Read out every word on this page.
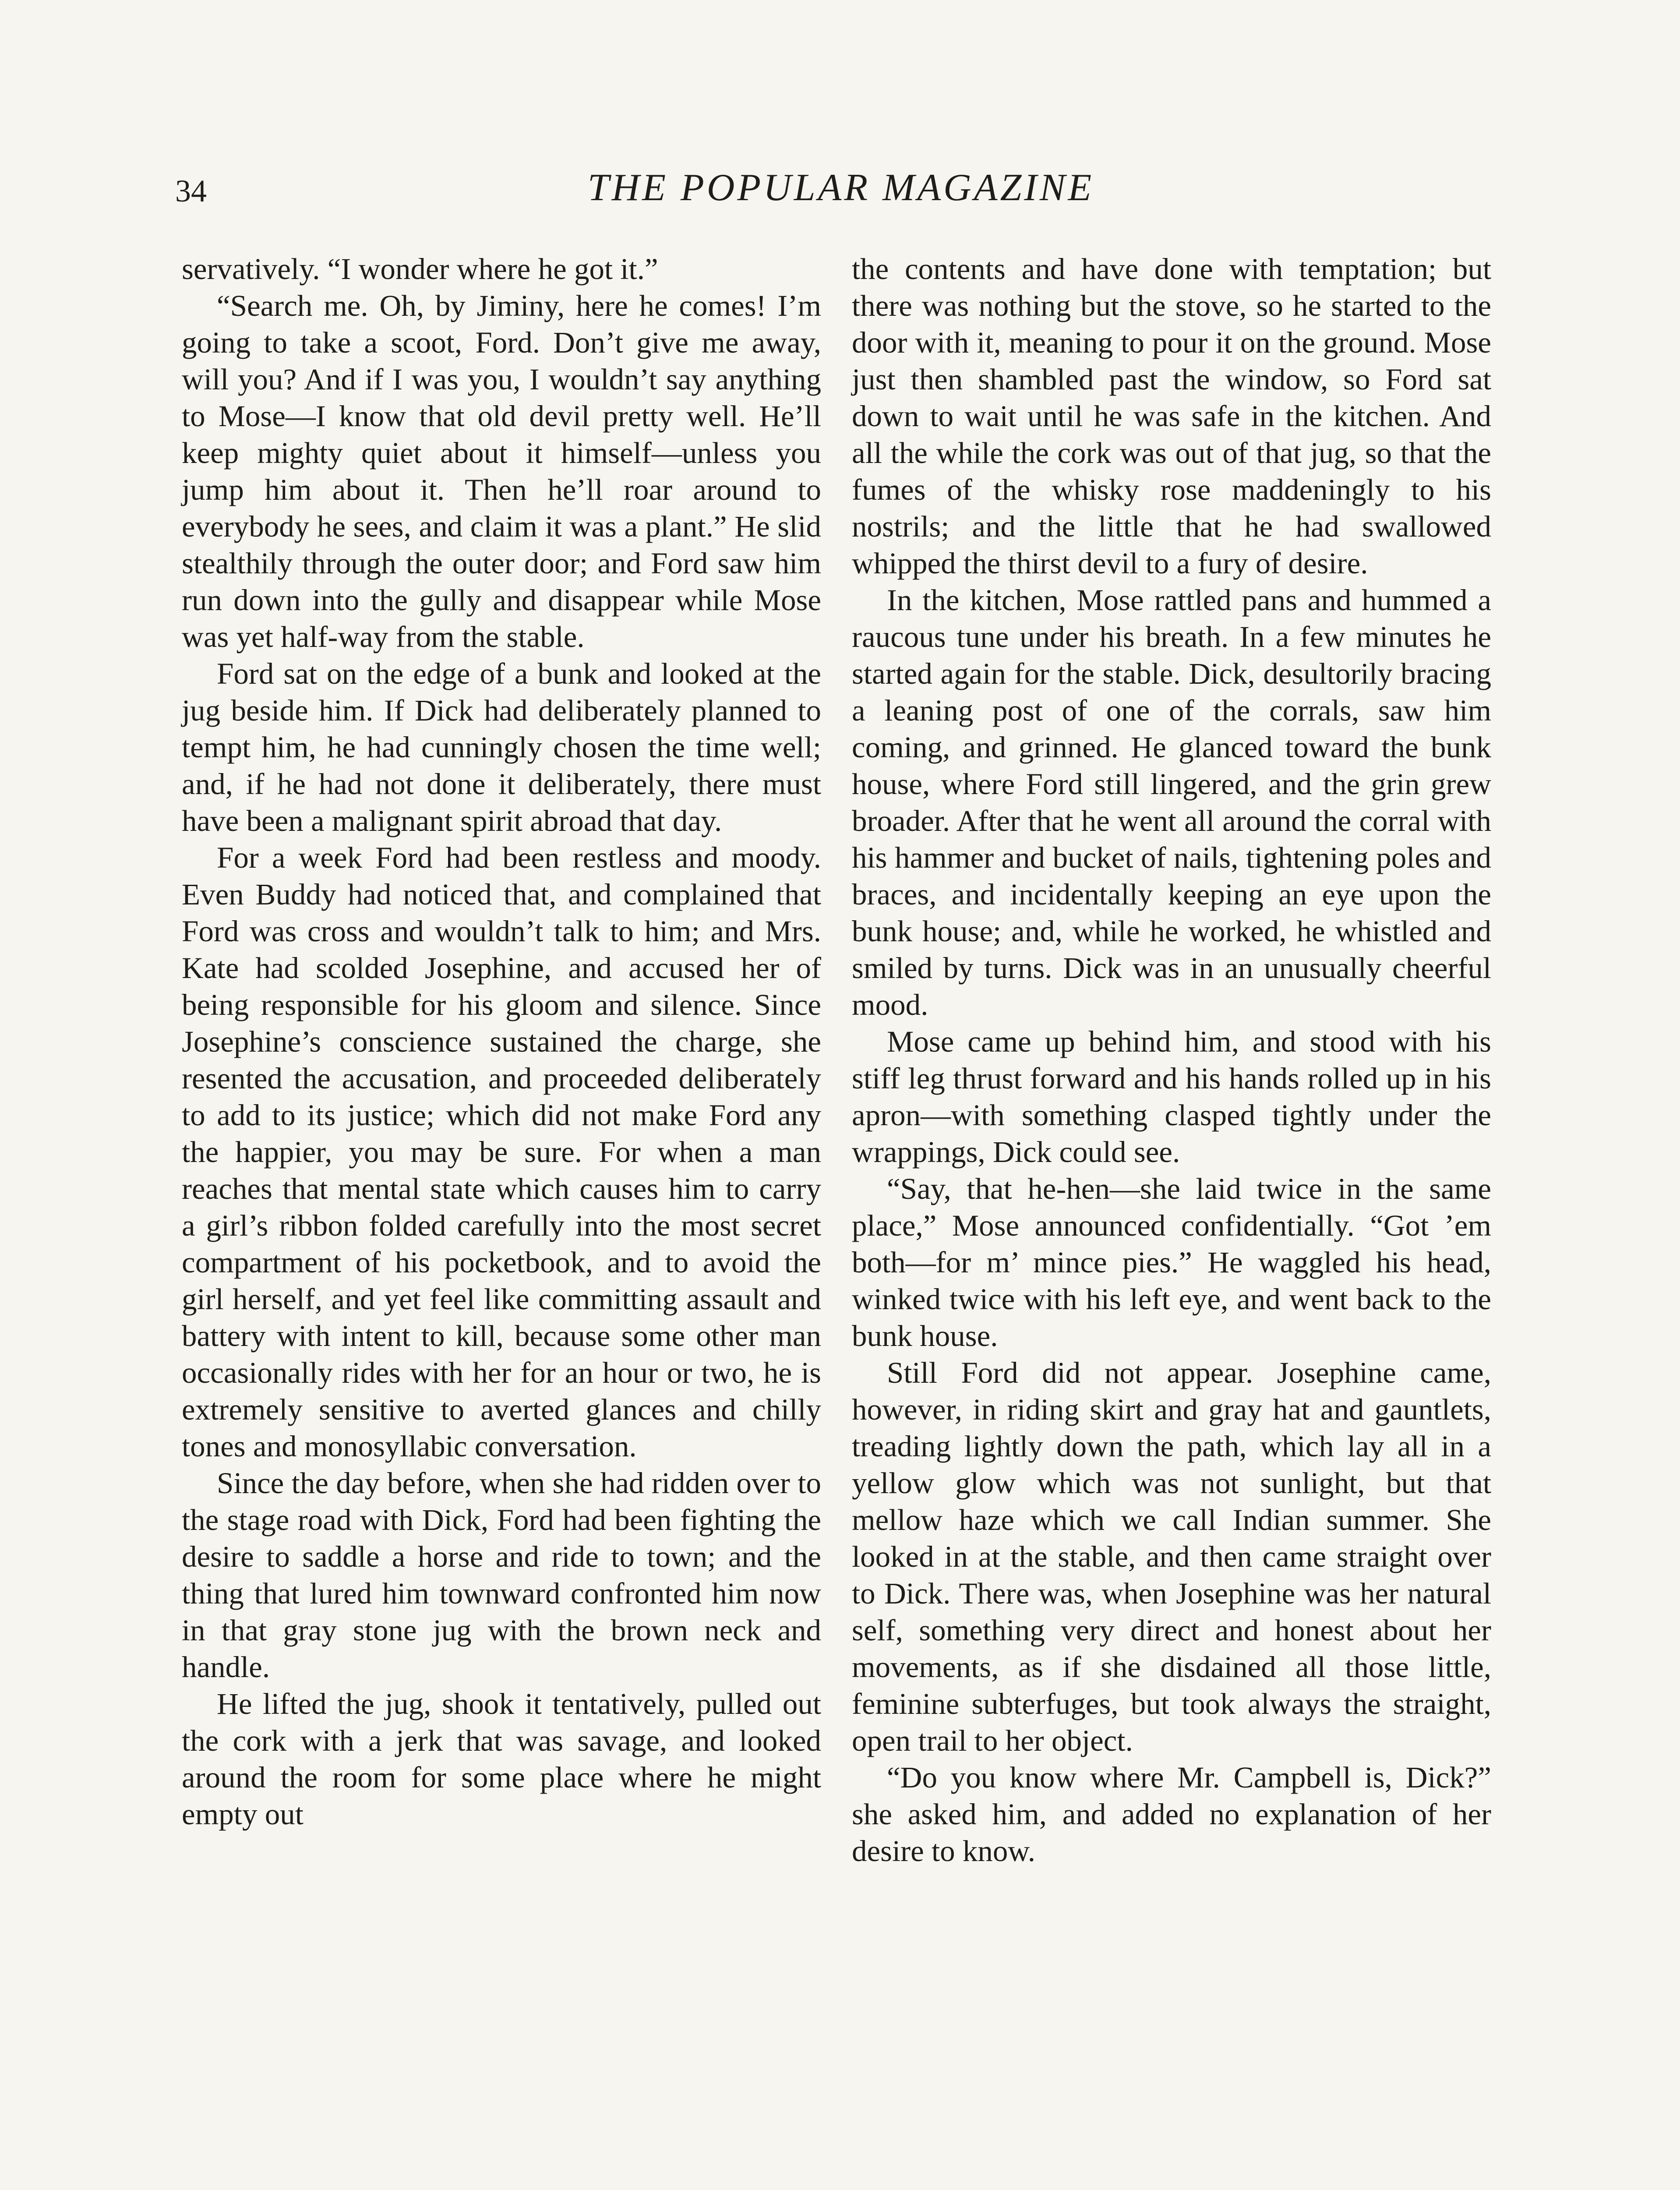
34	THE POPULAR MAGAZINE

servatively. “I wonder where he got it.”

“Search me. Oh, by Jiminy, here he comes! I’m going to take a scoot, Ford. Don’t give me away, will you? And if I was you, I wouldn’t say anything to Mose—I know that old devil pretty well. He’ll keep mighty quiet about it himself—unless you jump him about it. Then he’ll roar around to everybody he sees, and claim it was a plant.” He slid stealthily through the outer door; and Ford saw him run down into the gully and disappear while Mose was yet half-way from the stable.

Ford sat on the edge of a bunk and looked at the jug beside him. If Dick had deliberately planned to tempt him, he had cunningly chosen the time well; and, if he had not done it deliberately, there must have been a malignant spirit abroad that day.

For a week Ford had been restless and moody. Even Buddy had noticed that, and complained that Ford was cross and wouldn’t talk to him; and Mrs. Kate had scolded Josephine, and accused her of being responsible for his gloom and silence. Since Josephine’s conscience sustained the charge, she resented the accusation, and proceeded deliberately to add to its justice; which did not make Ford any the happier, you may be sure. For when a man reaches that mental state which causes him to carry a girl’s ribbon folded carefully into the most secret compartment of his pocketbook, and to avoid the girl herself, and yet feel like committing assault and battery with intent to kill, because some other man occasionally rides with her for an hour or two, he is extremely sensitive to averted glances and chilly tones and monosyllabic conversation.

Since the day before, when she had ridden over to the stage road with Dick, Ford had been fighting the desire to saddle a horse and ride to town; and the thing that lured him townward confronted him now in that gray stone jug with the brown neck and handle.

He lifted the jug, shook it tentatively, pulled out the cork with a jerk that was savage, and looked around the room for some place where he might empty out

the contents and have done with temptation; but there was nothing but the stove, so he started to the door with it, meaning to pour it on the ground. Mose just then shambled past the window, so Ford sat down to wait until he was safe in the kitchen. And all the while the cork was out of that jug, so that the fumes of the whisky rose maddeningly to his nostrils; and the little that he had swallowed whipped the thirst devil to a fury of desire.

In the kitchen, Mose rattled pans and hummed a raucous tune under his breath. In a few minutes he started again for the stable. Dick, desultorily bracing a leaning post of one of the corrals, saw him coming, and grinned. He glanced toward the bunk house, where Ford still lingered, and the grin grew broader. After that he went all around the corral with his hammer and bucket of nails, tightening poles and braces, and incidentally keeping an eye upon the bunk house; and, while he worked, he whistled and smiled by turns. Dick was in an unusually cheerful mood.

Mose came up behind him, and stood with his stiff leg thrust forward and his hands rolled up in his apron—with something clasped tightly under the wrappings, Dick could see.

“Say, that he-hen—she laid twice in the same place,” Mose announced confidentially. “Got ’em both—for m’ mince pies.” He waggled his head, winked twice with his left eye, and went back to the bunk house.

Still Ford did not appear. Josephine came, however, in riding skirt and gray hat and gauntlets, treading lightly down the path, which lay all in a yellow glow which was not sunlight, but that mellow haze which we call Indian summer. She looked in at the stable, and then came straight over to Dick. There was, when Josephine was her natural self, something very direct and honest about her movements, as if she disdained all those little, feminine subterfuges, but took always the straight, open trail to her object.

“Do you know where Mr. Campbell is, Dick?” she asked him, and added no explanation of her desire to know.
